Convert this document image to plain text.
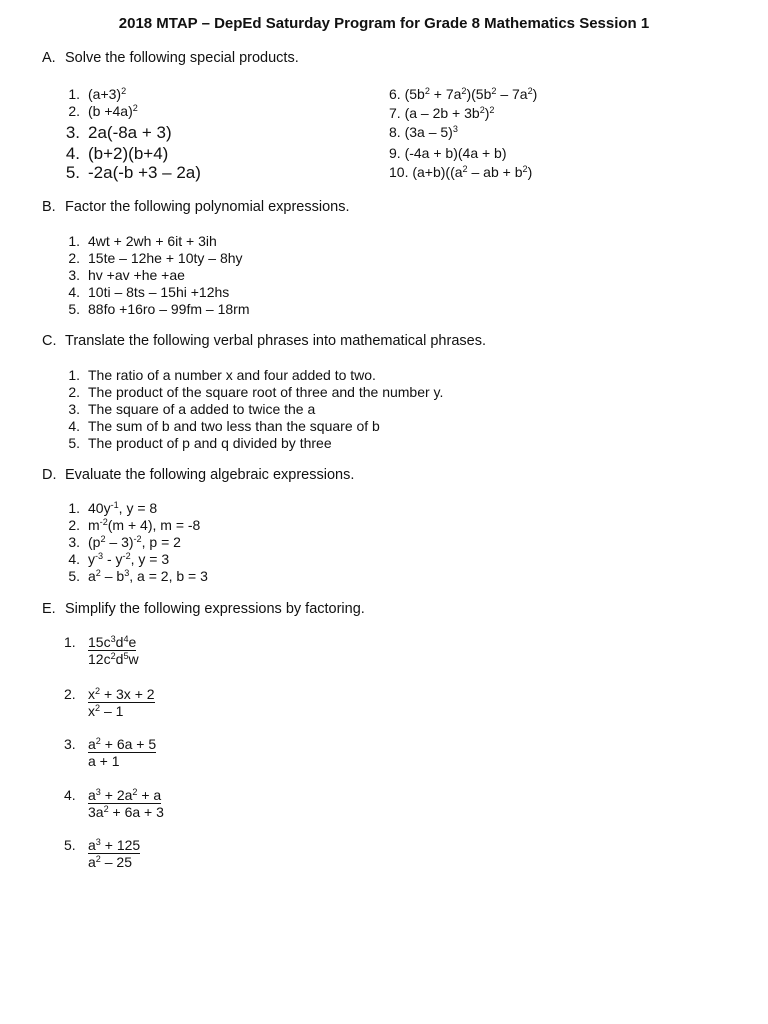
2018 MTAP – DepEd Saturday Program for Grade 8 Mathematics Session 1
A. Solve the following special products.
1. $(a+3)^2$
2. $(b +4a)^2$
3. 2a(-8a + 3)
4. (b+2)(b+4)
5. -2a(-b +3 – 2a)
6. $(5b^2 + 7a^2)(5b^2 - 7a^2)$
7. $(a - 2b + 3b^2)^2$
8. (3a – 5)$^3$
9. (-4a + b)(4a + b)
10. $(a+b)((a^2$ – ab + $b^2$)
B. Factor the following polynomial expressions.
1. 4wt + 2wh + 6it + 3ih
2. 15te – 12he + 10ty – 8hy
3. hv +av +he +ae
4. 10ti – 8ts – 15hi +12hs
5. 88fo +16ro – 99fm – 18rm
C. Translate the following verbal phrases into mathematical phrases.
1. The ratio of a number x and four added to two.
2. The product of the square root of three and the number y.
3. The square of a added to twice the a
4. The sum of b and two less than the square of b
5. The product of p and q divided by three
D. Evaluate the following algebraic expressions.
1. $40y^{-1}$, y = 8
2. $m^{-2}(m + 4)$, m = -8
3. $(p^2 - 3)^{-2}$, p = 2
4. $y^{-3} - y^{-2}$, y = 3
5. $a^2 - b^3$, a = 2, b = 3
E. Simplify the following expressions by factoring.
1. $\frac{15c^3d^4e}{12c^2d^5w}$
2. $\frac{x^2 + 3x + 2}{x^2 - 1}$
3. $\frac{a^2 + 6a + 5}{a + 1}$
4. $\frac{a^3 + 2a^2 + a}{3a^2 + 6a + 3}$
5. $\frac{a^3 + 125}{a^2 - 25}$
